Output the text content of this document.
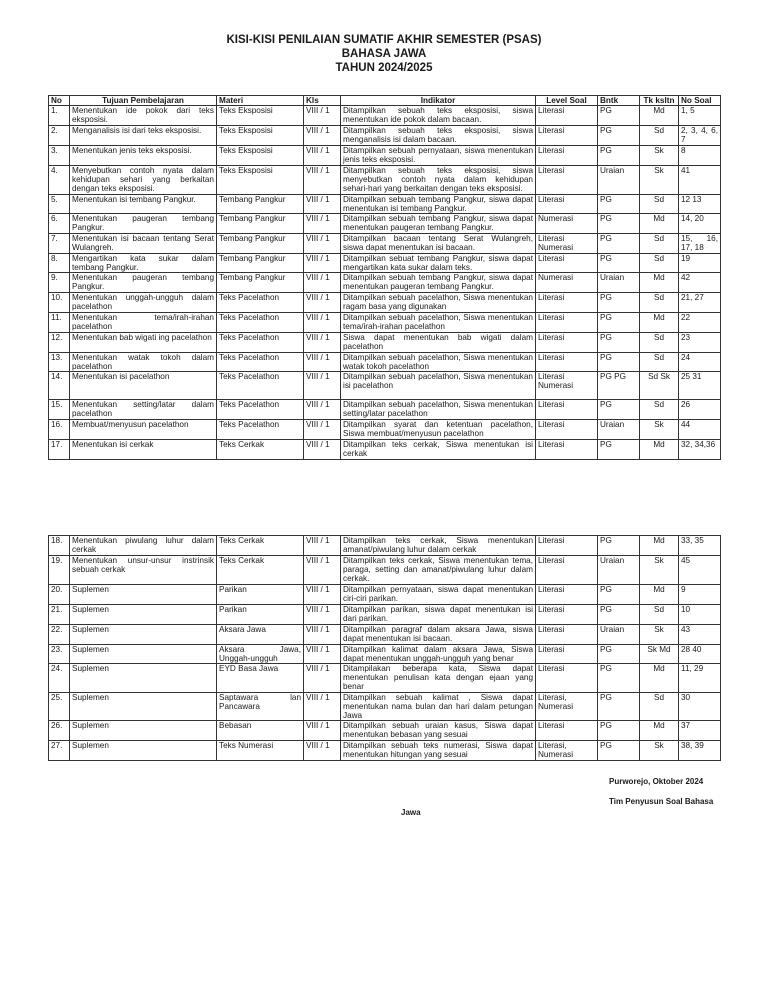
KISI-KISI PENILAIAN SUMATIF AKHIR SEMESTER (PSAS)
BAHASA JAWA
TAHUN 2024/2025
No	Tujuan Pembelajaran	Materi	Kls	Indikator	Level Soal	Bntk	Tk ksltn	No Soal
1.	Menentukan ide pokok dari teks eksposisi.	Teks Eksposisi	VIII / 1	Ditampilkan sebuah teks eksposisi, siswa menentukan ide pokok dalam bacaan.	Literasi	PG	Md	1, 5
2.	Menganalisis isi dari teks eksposisi.	Teks Eksposisi	VIII / 1	Ditampilkan sebuah teks eksposisi, siswa menganalisis isi dalam bacaan.	Literasi	PG	Sd	2, 3, 4, 6, 7
3.	Menentukan jenis teks eksposisi.	Teks Eksposisi	VIII / 1	Ditampilkan sebuah pernyataan, siswa menentukan jenis teks eksposisi.	Literasi	PG	Sk	8
4.	Menyebutkan contoh nyata dalam kehidupan sehari yang berkaitan dengan teks eksposisi.	Teks Eksposisi	VIII / 1	Ditampilkan sebuah teks eksposisi, siswa menyebutkan contoh nyata dalam kehidupan sehari-hari yang berkaitan dengan teks eksposisi.	Literasi	Uraian	Sk	41
5.	Menentukan isi tembang Pangkur.	Tembang Pangkur	VIII / 1	Ditampilkan sebuah tembang Pangkur, siswa dapat menentukan isi tembang Pangkur.	Literasi	PG	Sd	12 13
6.	Menentukan paugeran tembang Pangkur.	Tembang Pangkur	VIII / 1	Ditampilkan sebuah tembang Pangkur, siswa dapat menentukan paugeran tembang Pangkur.	Numerasi	PG	Md	14, 20
7.	Menentukan isi bacaan tentang Serat Wulangreh.	Tembang Pangkur	VIII / 1	Ditampilkan bacaan tentang Serat Wulangreh, siswa dapat menentukan isi bacaan.	Literasi Numerasi	PG	Sd	15, 16, 17, 18
8.	Mengartikan kata sukar dalam tembang Pangkur.	Tembang Pangkur	VIII / 1	Ditampilkan sebuat tembang Pangkur, siswa dapat mengartikan kata sukar dalam teks.	Literasi	PG	Sd	19
9.	Menentukan paugeran tembang Pangkur.	Tembang Pangkur	VIII / 1	Ditampilkan sebuah tembang Pangkur, siswa dapat menentukan paugeran tembang Pangkur.	Numerasi	Uraian	Md	42
10.	Menentukan unggah-ungguh dalam pacelathon	Teks Pacelathon	VIII / 1	Ditampilkan sebuah pacelathon, Siswa menentukan ragam basa yang digunakan	Literasi	PG	Sd	21, 27
11.	Menentukan tema/irah-irahan pacelathon	Teks Pacelathon	VIII / 1	Ditampilkan sebuah pacelathon, Siswa menentukan tema/irah-irahan pacelathon	Literasi	PG	Md	22
12.	Menentukan bab wigati ing pacelathon	Teks Pacelathon	VIII / 1	Siswa dapat menentukan bab wigati dalam pacelathon	Literasi	PG	Sd	23
13.	Menentukan watak tokoh dalam pacelathon	Teks Pacelathon	VIII / 1	Ditampilkan sebuah pacelathon, Siswa menentukan watak tokoh pacelathon	Literasi	PG	Sd	24
14.	Menentukan isi pacelathon	Teks Pacelathon	VIII / 1	Ditampilkan sebuah pacelathon, Siswa menentukan isi pacelathon	Literasi Numerasi	PG PG	Sd Sk	25 31
15.	Menentukan setting/latar dalam pacelathon	Teks Pacelathon	VIII / 1	Ditampilkan sebuah pacelathon, Siswa menentukan setting/latar pacelathon	Literasi	PG	Sd	26
16.	Membuat/menyusun pacelathon	Teks Pacelathon	VIII / 1	Ditampilkan syarat dan ketentuan pacelathon, Siswa membuat/menyusun pacelathon	Literasi	Uraian	Sk	44
17.	Menentukan isi cerkak	Teks Cerkak	VIII / 1	Ditampilkan teks cerkak, Siswa menentukan isi cerkak	Literasi	PG	Md	32, 34,36
18.	Menentukan piwulang luhur dalam cerkak	Teks Cerkak	VIII / 1	Ditampilkan teks cerkak, Siswa menentukan amanat/piwulang luhur dalam cerkak	Literasi	PG	Md	33, 35
19.	Menentukan unsur-unsur instrinsik sebuah cerkak	Teks Cerkak	VIII / 1	Ditampilkan teks cerkak, Siswa menentukan tema, paraga, setting dan amanat/piwulang luhur dalam cerkak.	Literasi	Uraian	Sk	45
20.	Suplemen	Parikan	VIII / 1	Ditampilkan pernyataan, siswa dapat menentukan ciri-ciri parikan.	Literasi	PG	Md	9
21.	Suplemen	Parikan	VIII / 1	Ditampilkan parikan, siswa dapat menentukan isi dari parikan.	Literasi	PG	Sd	10
22.	Suplemen	Aksara Jawa	VIII / 1	Ditampilkan paragraf dalam aksara Jawa, siswa dapat menentukan isi bacaan.	Literasi	Uraian	Sk	43
23.	Suplemen	Aksara Jawa, Unggah-ungguh	VIII / 1	Ditampilkan kalimat dalam aksara Jawa, Siswa dapat menentukan unggah-ungguh yang benar	Literasi	PG	Sk Md	28 40
24.	Suplemen	EYD Basa Jawa	VIII / 1	Ditampilakan beberapa kata, Siswa dapat menentukan penulisan kata dengan ejaan yang benar	Literasi	PG	Md	11, 29
25.	Suplemen	Saptawara lan Pancawara	VIII / 1	Ditampilkan sebuah kalimat , Siswa dapat menentukan nama bulan dan hari dalam petungan Jawa	Literasi, Numerasi	PG	Sd	30
26.	Suplemen	Bebasan	VIII / 1	Ditampilkan sebuah uraian kasus, Siswa dapat menentukan bebasan yang sesuai	Literasi	PG	Md	37
27.	Suplemen	Teks Numerasi	VIII / 1	Ditampilkan sebuah teks numerasi, Siswa dapat menentukan hitungan yang sesuai	Literasi, Numerasi	PG	Sk	38, 39
Purworejo, Oktober 2024
Tim Penyusun Soal Bahasa
Jawa
